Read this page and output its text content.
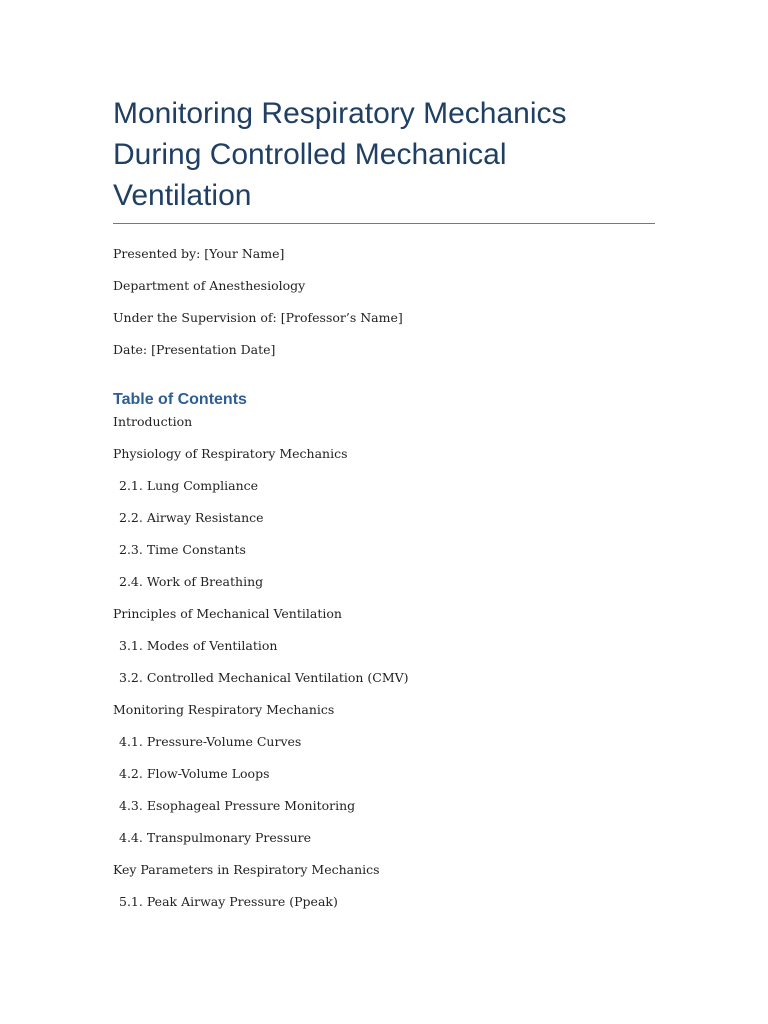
Monitoring Respiratory Mechanics
During Controlled Mechanical
Ventilation
Presented by: [Your Name]
Department of Anesthesiology
Under the Supervision of: [Professor’s Name]
Date: [Presentation Date]
Table of Contents
Introduction
Physiology of Respiratory Mechanics
2.1. Lung Compliance
2.2. Airway Resistance
2.3. Time Constants
2.4. Work of Breathing
Principles of Mechanical Ventilation
3.1. Modes of Ventilation
3.2. Controlled Mechanical Ventilation (CMV)
Monitoring Respiratory Mechanics
4.1. Pressure-Volume Curves
4.2. Flow-Volume Loops
4.3. Esophageal Pressure Monitoring
4.4. Transpulmonary Pressure
Key Parameters in Respiratory Mechanics
5.1. Peak Airway Pressure (Ppeak)
